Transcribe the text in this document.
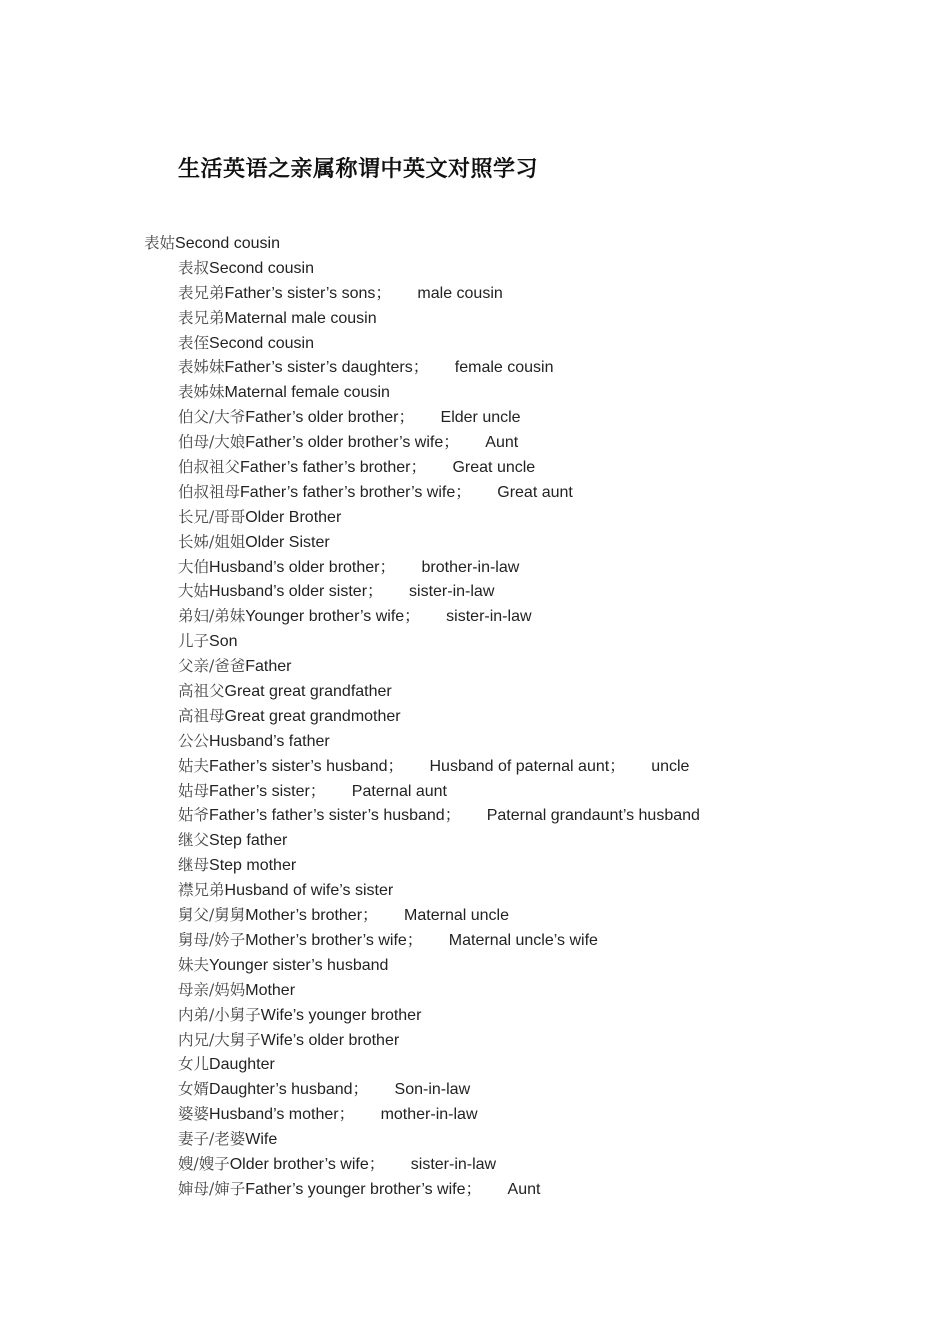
生活英语之亲属称谓中英文对照学习
表姑Second cousin
表叔Second cousin
表兄弟Father’s sister’s sons； male cousin
表兄弟Maternal male cousin
表侄Second cousin
表姊妹Father’s sister’s daughters； female cousin
表姊妹Maternal female cousin
伯父/大爷Father’s older brother； Elder uncle
伯母/大娘Father’s older brother’s wife； Aunt
伯叔祖父Father’s father’s brother； Great uncle
伯叔祖母Father’s father’s brother’s wife； Great aunt
长兄/哥哥Older Brother
长姊/姐姐Older Sister
大伯Husband’s older brother； brother-in-law
大姑Husband’s older sister； sister-in-law
弟妇/弟妹Younger brother’s wife； sister-in-law
儿子Son
父亲/爸爸Father
高祖父Great great grandfather
高祖母Great great grandmother
公公Husband’s father
姑夫Father’s sister’s husband； Husband of paternal aunt； uncle
姑母Father’s sister； Paternal aunt
姑爷Father’s father’s sister’s husband； Paternal grandaunt’s husband
继父Step father
继母Step mother
襟兄弟Husband of wife’s sister
舅父/舅舅Mother’s brother； Maternal uncle
舅母/妗子Mother’s brother’s wife； Maternal uncle’s wife
妹夫Younger sister’s husband
母亲/妈妈Mother
内弟/小舅子Wife’s younger brother
内兄/大舅子Wife’s older brother
女儿Daughter
女婿Daughter’s husband； Son-in-law
婆婆Husband’s mother； mother-in-law
妻子/老婆Wife
嫂/嫂子Older brother’s wife； sister-in-law
婶母/婶子Father’s younger brother’s wife； Aunt
